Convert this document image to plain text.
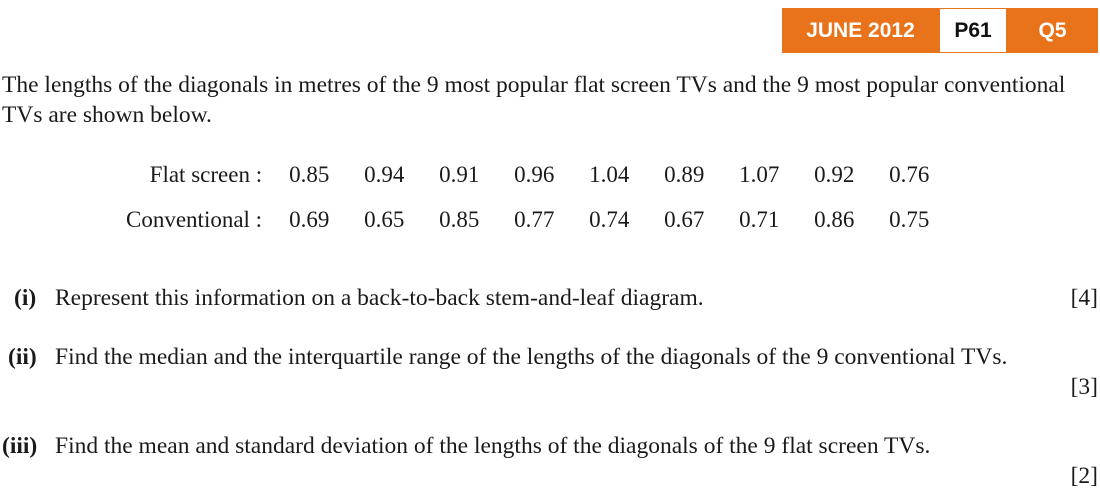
JUNE 2012	P61	Q5

The lengths of the diagonals in metres of the 9 most popular flat screen TVs and the 9 most popular conventional TVs are shown below.

Flat screen :	0.85	0.94	0.91	0.96	1.04	0.89	1.07	0.92	0.76
Conventional :	0.69	0.65	0.85	0.77	0.74	0.67	0.71	0.86	0.75
(i) Represent this information on a back-to-back stem-and-leaf diagram.	[4]
(ii) Find the median and the interquartile range of the lengths of the diagonals of the 9 conventional TVs.
[3]
(iii) Find the mean and standard deviation of the lengths of the diagonals of the 9 flat screen TVs.
[2]
